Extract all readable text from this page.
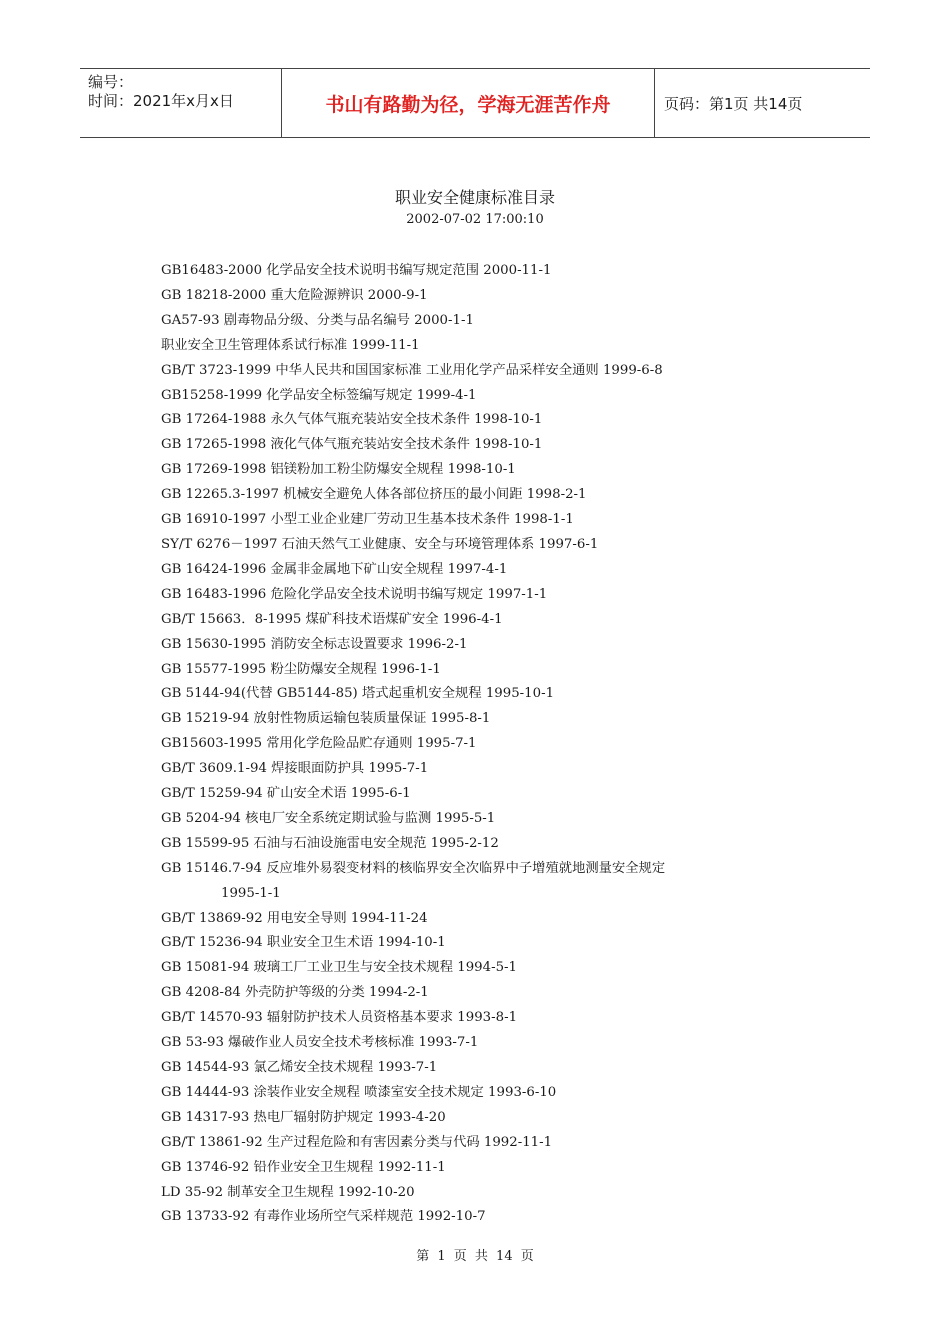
编号：
时间：2021年x月x日	书山有路勤为径，学海无涯苦作舟	页码：第1页 共14页
职业安全健康标准目录
2002-07-02 17:00:10
GB16483-2000 化学品安全技术说明书编写规定范围 2000-11-1
GB 18218-2000 重大危险源辨识 2000-9-1
GA57-93 剧毒物品分级、分类与品名编号 2000-1-1
职业安全卫生管理体系试行标准 1999-11-1
GB/T 3723-1999 中华人民共和国国家标准 工业用化学产品采样安全通则 1999-6-8
GB15258-1999 化学品安全标签编写规定 1999-4-1
GB 17264-1988 永久气体气瓶充装站安全技术条件 1998-10-1
GB 17265-1998 液化气体气瓶充装站安全技术条件 1998-10-1
GB 17269-1998 铝镁粉加工粉尘防爆安全规程 1998-10-1
GB 12265.3-1997 机械安全避免人体各部位挤压的最小间距 1998-2-1
GB 16910-1997 小型工业企业建厂劳动卫生基本技术条件 1998-1-1
SY/T 6276－1997 石油天然气工业健康、安全与环境管理体系 1997-6-1
GB 16424-1996 金属非金属地下矿山安全规程 1997-4-1
GB 16483-1996 危险化学品安全技术说明书编写规定 1997-1-1
GB/T 15663．8-1995 煤矿科技术语煤矿安全 1996-4-1
GB 15630-1995 消防安全标志设置要求 1996-2-1
GB 15577-1995 粉尘防爆安全规程 1996-1-1
GB 5144-94(代替 GB5144-85) 塔式起重机安全规程 1995-10-1
GB 15219-94 放射性物质运输包装质量保证 1995-8-1
GB15603-1995 常用化学危险品贮存通则 1995-7-1
GB/T 3609.1-94 焊接眼面防护具 1995-7-1
GB/T 15259-94 矿山安全术语 1995-6-1
GB 5204-94 核电厂安全系统定期试验与监测 1995-5-1
GB 15599-95 石油与石油设施雷电安全规范 1995-2-12
GB 15146.7-94 反应堆外易裂变材料的核临界安全次临界中子增殖就地测量安全规定
1995-1-1
GB/T 13869-92 用电安全导则 1994-11-24
GB/T 15236-94 职业安全卫生术语 1994-10-1
GB 15081-94 玻璃工厂工业卫生与安全技术规程 1994-5-1
GB 4208-84 外壳防护等级的分类 1994-2-1
GB/T 14570-93 辐射防护技术人员资格基本要求 1993-8-1
GB 53-93 爆破作业人员安全技术考核标准 1993-7-1
GB 14544-93 氯乙烯安全技术规程 1993-7-1
GB 14444-93 涂装作业安全规程 喷漆室安全技术规定 1993-6-10
GB 14317-93 热电厂辐射防护规定 1993-4-20
GB/T 13861-92 生产过程危险和有害因素分类与代码 1992-11-1
GB 13746-92 铅作业安全卫生规程 1992-11-1
LD 35-92 制革安全卫生规程 1992-10-20
GB 13733-92 有毒作业场所空气采样规范 1992-10-7
第 1 页 共 14 页
